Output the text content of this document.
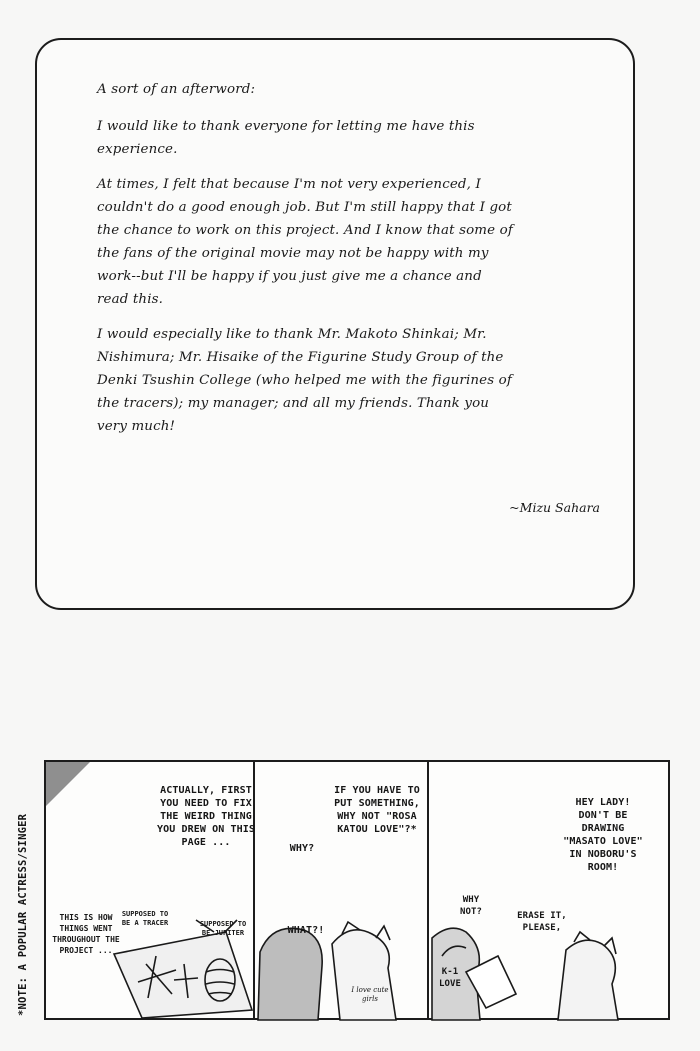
A sort of an afterword:

I would like to thank everyone for letting me have this experience.

At times, I felt that because I'm not very experienced, I couldn't do a good enough job. But I'm still happy that I got the chance to work on this project. And I know that some of the fans of the original movie may not be happy with my work--but I'll be happy if you just give me a chance and read this.

I would especially like to thank Mr. Makoto Shinkai; Mr. Nishimura; Mr. Hisaike of the Figurine Study Group of the Denki Tsushin College (who helped me with the figurines of the tracers); my manager; and all my friends. Thank you very much!

~Mizu Sahara
*NOTE: A POPULAR ACTRESS/SINGER
ACTUALLY, FIRST YOU NEED TO FIX THE WEIRD THING YOU DREW ON THIS PAGE ...
THIS IS HOW THINGS WENT THROUGHOUT THE PROJECT ...
SUPPOSED TO BE A TRACER	SUPPOSED TO BE JUPITER
IF YOU HAVE TO PUT SOMETHING, WHY NOT "ROSA KATOU LOVE"?*
WHY?
WHAT?!
I love cute girls
HEY LADY! DON'T BE DRAWING "MASATO LOVE" IN NOBORU'S ROOM!
WHY NOT?	ERASE IT, PLEASE,
K-1 LOVE
